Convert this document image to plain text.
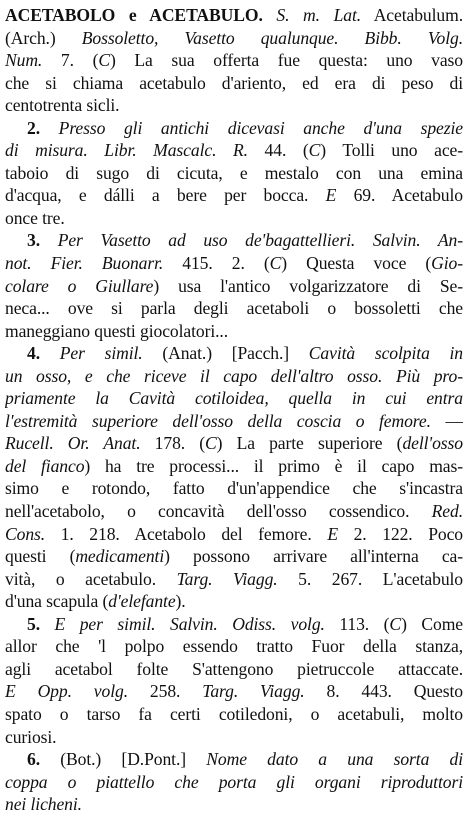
ACETABOLO e ACETABULO. S. m. Lat. Acetabulum.
(Arch.) Bossoletto, Vasetto qualunque. Bibb. Volg.
Num. 7. (C) La sua offerta fue questa: uno vaso
che si chiama acetabulo d'ariento, ed era di peso di
centotrenta sicli.
2. Presso gli antichi dicevasi anche d'una spezie
di misura. Libr. Mascalc. R. 44. (C) Tolli uno ace-
taboio di sugo di cicuta, e mestalo con una emina
d'acqua, e dálli a bere per bocca. E 69. Acetabulo
once tre.
3. Per Vasetto ad uso de'bagattellieri. Salvin. An-
not. Fier. Buonarr. 415. 2. (C) Questa voce (Gio-
colare o Giullare) usa l'antico volgarizzatore di Se-
neca... ove si parla degli acetaboli o bossoletti che
maneggiano questi giocolatori...
4. Per simil. (Anat.) [Pacch.] Cavità scolpita in
un osso, e che riceve il capo dell'altro osso. Più pro-
priamente la Cavità cotiloidea, quella in cui entra
l'estremità superiore dell'osso della coscia o femore. —
Rucell. Or. Anat. 178. (C) La parte superiore (dell'osso
del fianco) ha tre processi... il primo è il capo mas-
simo e rotondo, fatto d'un'appendice che s'incastra
nell'acetabolo, o concavità dell'osso cossendico. Red.
Cons. 1. 218. Acetabolo del femore. E 2. 122. Poco
questi (medicamenti) possono arrivare all'interna ca-
vità, o acetabulo. Targ. Viagg. 5. 267. L'acetabulo
d'una scapula (d'elefante).
5. E per simil. Salvin. Odiss. volg. 113. (C) Come
allor che 'l polpo essendo tratto Fuor della stanza,
agli acetabol folte S'attengono pietruccole attaccate.
E Opp. volg. 258. Targ. Viagg. 8. 443. Questo
spato o tarso fa certi cotiledoni, o acetabuli, molto
curiosi.
6. (Bot.) [D.Pont.] Nome dato a una sorta di
coppa o piattello che porta gli organi riproduttori
nei licheni.
